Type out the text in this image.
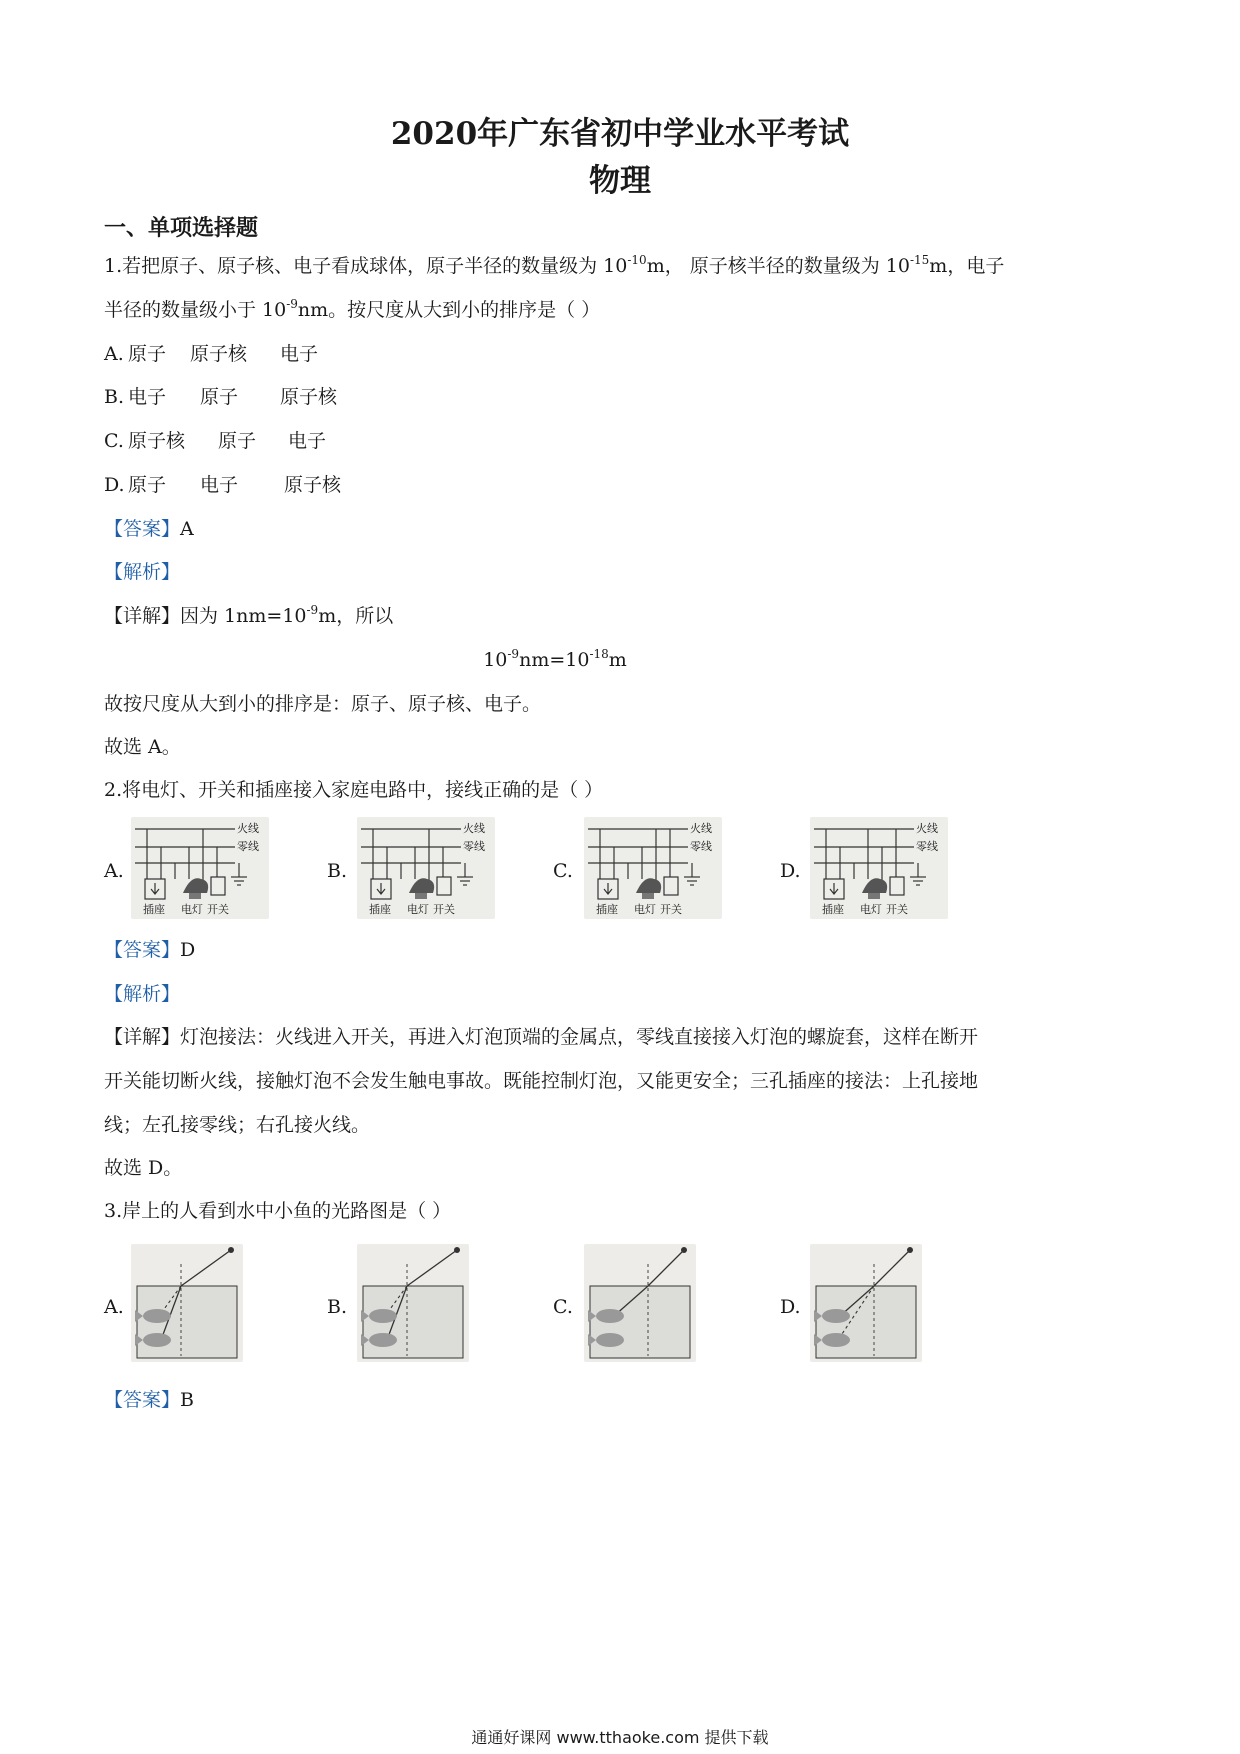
2020年广东省初中学业水平考试
物理
一、单项选择题
1.若把原子、原子核、电子看成球体，原子半径的数量级为 $10^{-10}m$， 原子核半径的数量级为 $10^{-15}m$，电子
半径的数量级小于 $10^{-9}nm$。按尺度从大到小的排序是（ ）
A. 原子 原子核 电子
B. 电子 原子 原子核
C. 原子核 原子 电子
D. 原子 电子 原子核
【答案】A
【解析】
【详解】因为 $1nm=10^{-9}m$，所以
$10^{-9}nm=10^{-18}m$
故按尺度从大到小的排序是：原子、原子核、电子。
故选 A。
2.将电灯、开关和插座接入家庭电路中，接线正确的是（ ）
A.
火线
零线
插座 电灯 开关
B.
火线
零线
插座 电灯 开关
C.
火线
零线
插座 电灯 开关
D.
火线
零线
插座 电灯 开关
【答案】D
【解析】
【详解】灯泡接法：火线进入开关，再进入灯泡顶端的金属点，零线直接接入灯泡的螺旋套，这样在断开
开关能切断火线，接触灯泡不会发生触电事故。既能控制灯泡，又能更安全；三孔插座的接法：上孔接地
线；左孔接零线；右孔接火线。
故选 D。
3.岸上的人看到水中小鱼的光路图是（ ）
A.	B.	C.	D.
【答案】B
通通好课网 www.tthaoke.com 提供下载
